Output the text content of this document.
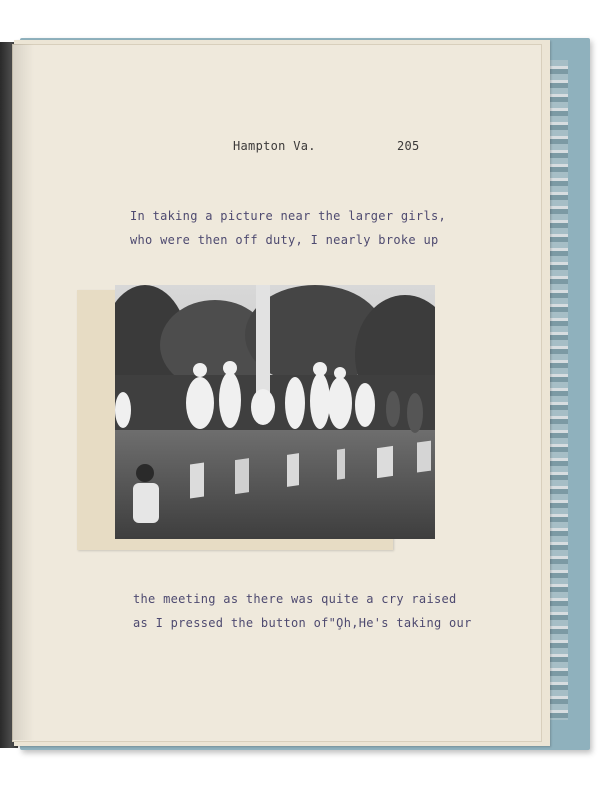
Hampton Va.	205
In taking a picture near the larger girls,
who were then off duty, I nearly broke up
the meeting as there was quite a cry raised
as I pressed the button of"O̧h,He's taking our
